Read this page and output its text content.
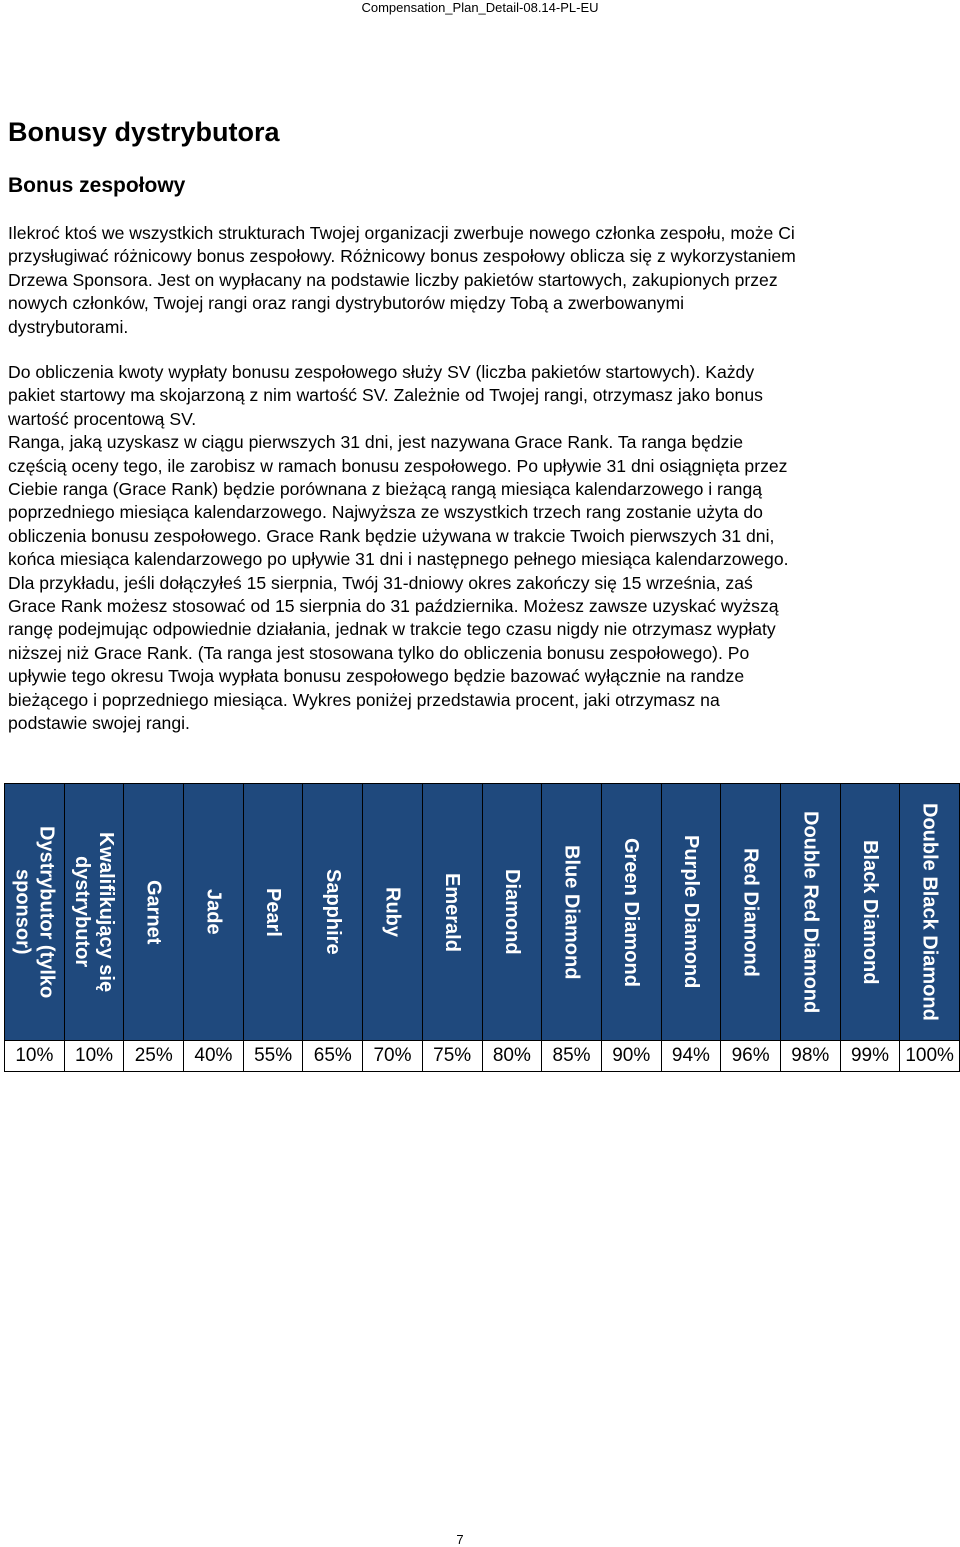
Compensation_Plan_Detail-08.14-PL-EU
Bonusy dystrybutora
Bonus zespołowy
Ilekroć ktoś we wszystkich strukturach Twojej organizacji zwerbuje nowego członka zespołu, może Ci
przysługiwać różnicowy bonus zespołowy. Różnicowy bonus zespołowy oblicza się z wykorzystaniem
Drzewa Sponsora. Jest on wypłacany na podstawie liczby pakietów startowych, zakupionych przez
nowych członków, Twojej rangi oraz rangi dystrybutorów między Tobą a zwerbowanymi
dystrybutorami.
Do obliczenia kwoty wypłaty bonusu zespołowego służy SV (liczba pakietów startowych). Każdy
pakiet startowy ma skojarzoną z nim wartość SV. Zależnie od Twojej rangi, otrzymasz jako bonus
wartość procentową SV.
Ranga, jaką uzyskasz w ciągu pierwszych 31 dni, jest nazywana Grace Rank. Ta ranga będzie
częścią oceny tego, ile zarobisz w ramach bonusu zespołowego. Po upływie 31 dni osiągnięta przez
Ciebie ranga (Grace Rank) będzie porównana z bieżącą rangą miesiąca kalendarzowego i rangą
poprzedniego miesiąca kalendarzowego. Najwyższa ze wszystkich trzech rang zostanie użyta do
obliczenia bonusu zespołowego. Grace Rank będzie używana w trakcie Twoich pierwszych 31 dni,
końca miesiąca kalendarzowego po upływie 31 dni i następnego pełnego miesiąca kalendarzowego.
Dla przykładu, jeśli dołączyłeś 15 sierpnia, Twój 31-dniowy okres zakończy się 15 września, zaś
Grace Rank możesz stosować od 15 sierpnia do 31 października. Możesz zawsze uzyskać wyższą
rangę podejmując odpowiednie działania, jednak w trakcie tego czasu nigdy nie otrzymasz wypłaty
niższej niż Grace Rank. (Ta ranga jest stosowana tylko do obliczenia bonusu zespołowego). Po
upływie tego okresu Twoja wypłata bonusu zespołowego będzie bazować wyłącznie na randze
bieżącego i poprzedniego miesiąca. Wykres poniżej przedstawia procent, jaki otrzymasz na
podstawie swojej rangi.
Dystrybutor (tylko
sponsor)	Kwalifikujący się
dystrybutor	Garnet	Jade	Pearl	Sapphire	Ruby	Emerald	Diamond	Blue Diamond	Green Diamond	Purple Diamond	Red Diamond	Double Red Diamond	Black Diamond	Double Black Diamond

10%	10%	25%	40%	55%	65%	70%	75%	80%	85%	90%	94%	96%	98%	99%	100%
7
